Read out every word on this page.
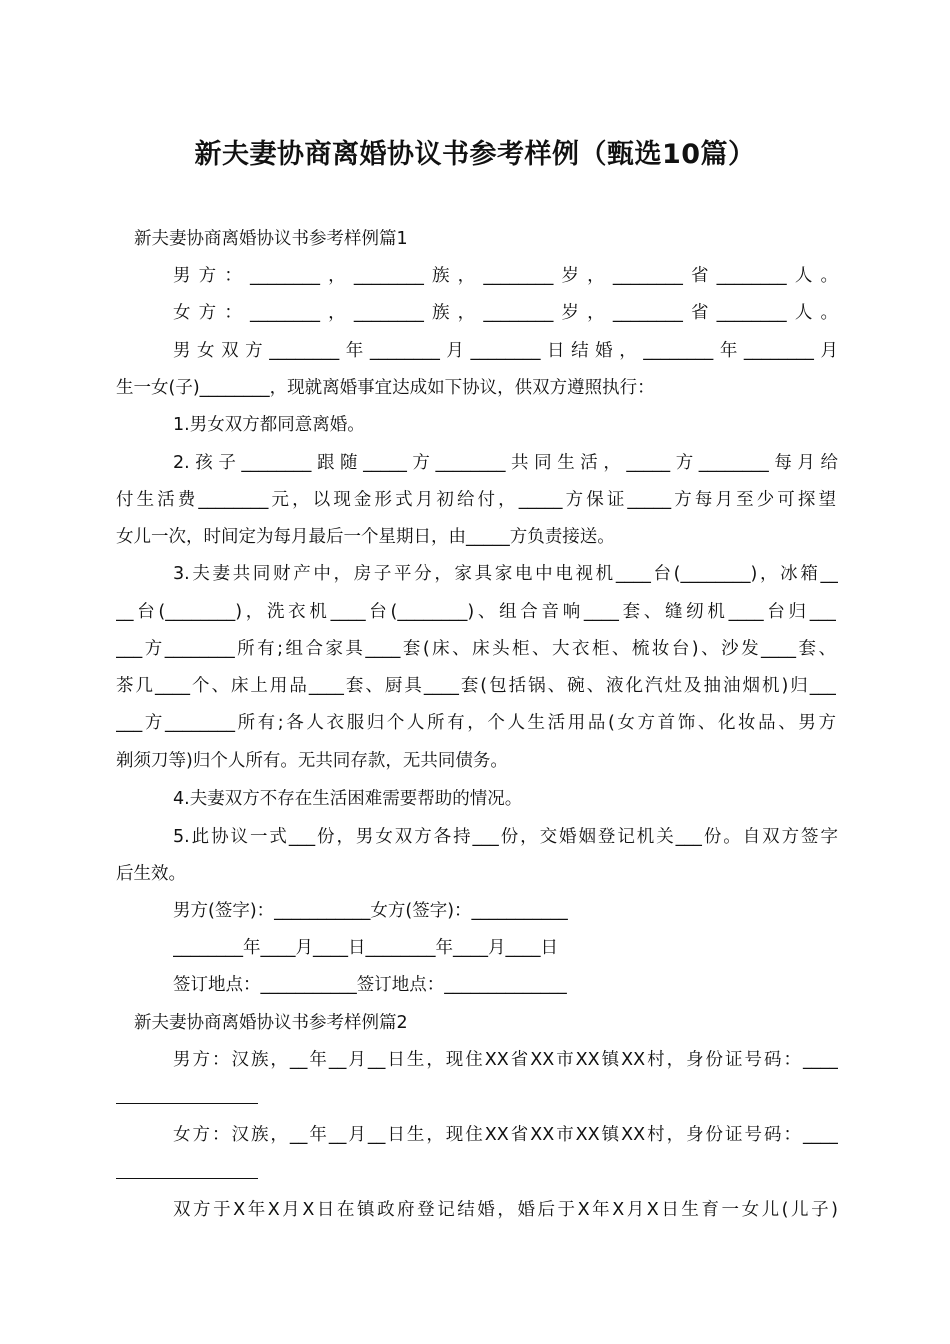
新夫妻协商离婚协议书参考样例（甄选10篇）
新夫妻协商离婚协议书参考样例篇1
男方：________，________族，________岁，________省________人。
女方：________，________族，________岁，________省________人。
男女双方________年________月________日结婚，________年________月
生一女(子)________，现就离婚事宜达成如下协议，供双方遵照执行：
1.男女双方都同意离婚。
2.孩子________跟随_____方________共同生活，_____方________每月给
付生活费________元，以现金形式月初给付，_____方保证_____方每月至少可探望
女儿一次，时间定为每月最后一个星期日，由_____方负责接送。
3.夫妻共同财产中，房子平分，家具家电中电视机____台(________)，冰箱__
__台(________)，洗衣机____台(________)、组合音响____套、缝纫机____台归___
___方________所有;组合家具____套(床、床头柜、大衣柜、梳妆台)、沙发____套、
茶几____个、床上用品____套、厨具____套(包括锅、碗、液化汽灶及抽油烟机)归___
___方________所有;各人衣服归个人所有，个人生活用品(女方首饰、化妆品、男方
剃须刀等)归个人所有。无共同存款，无共同债务。
4.夫妻双方不存在生活困难需要帮助的情况。
5.此协议一式___份，男女双方各持___份，交婚姻登记机关___份。自双方签字
后生效。
男方(签字)：___________女方(签字)：___________
________年____月____日________年____月____日
签订地点：___________签订地点：______________
新夫妻协商离婚协议书参考样例篇2
男方：汉族，__年__月__日生，现住XX省XX市XX镇XX村，身份证号码：____
女方：汉族，__年__月__日生，现住XX省XX市XX镇XX村，身份证号码：____
双方于X年X月X日在镇政府登记结婚，婚后于X年X月X日生育一女儿(儿子)
